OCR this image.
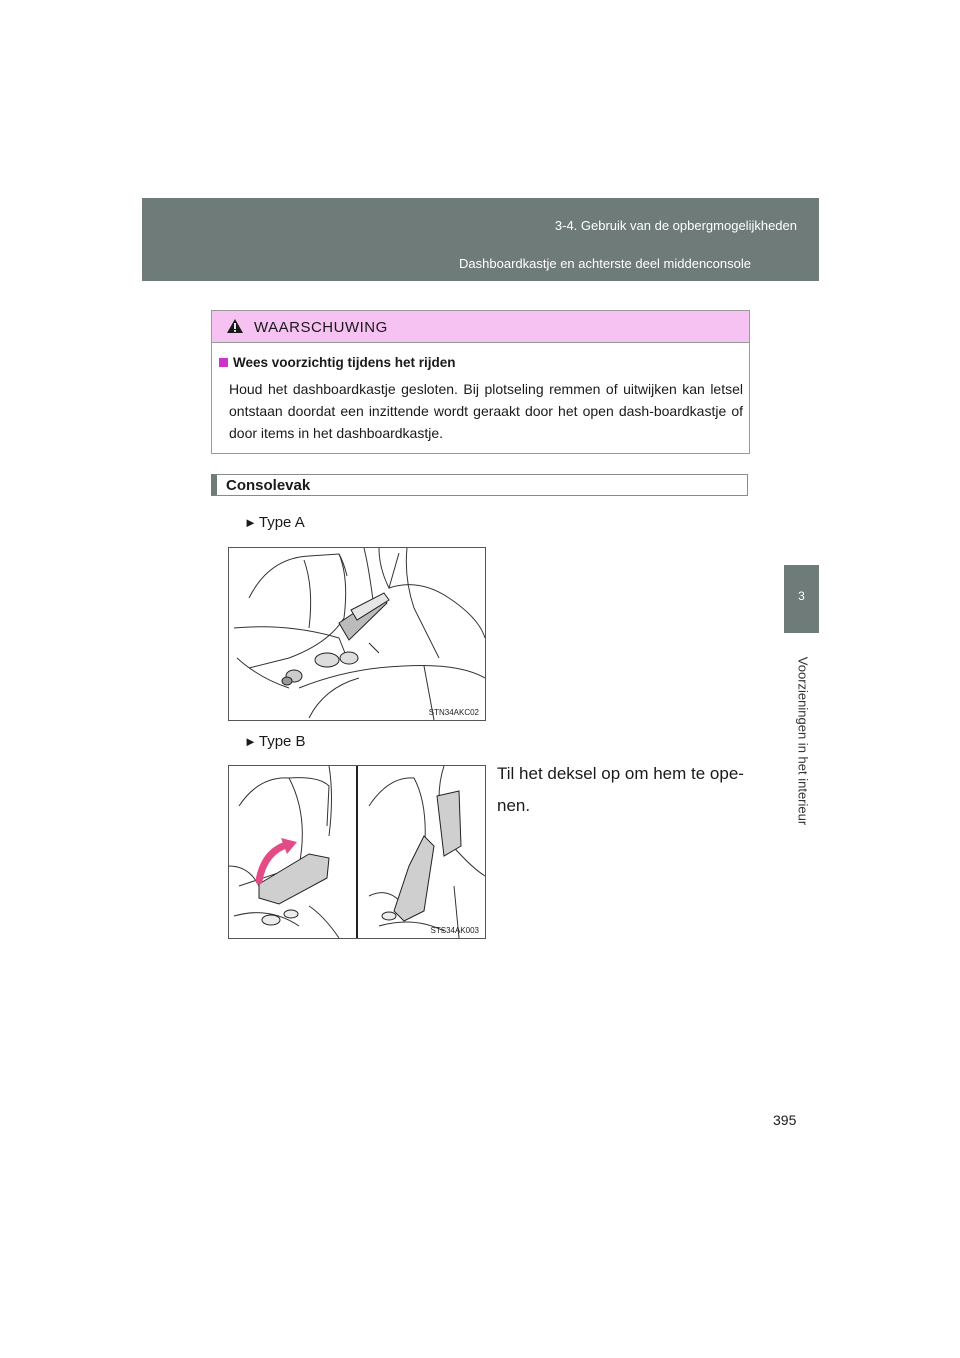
3-4. Gebruik van de opbergmogelijkheden
Dashboardkastje en achterste deel middenconsole
3
Voorzieningen in het interieur
WAARSCHUWING
Wees voorzichtig tijdens het rijden
Houd het dashboardkastje gesloten. Bij plotseling remmen of uitwijken kan letsel ontstaan doordat een inzittende wordt geraakt door het open dash-boardkastje of door items in het dashboardkastje.
Consolevak
► Type A
STN34AKC02
► Type B
STS34AK003
Til het deksel op om hem te ope-nen.
395
